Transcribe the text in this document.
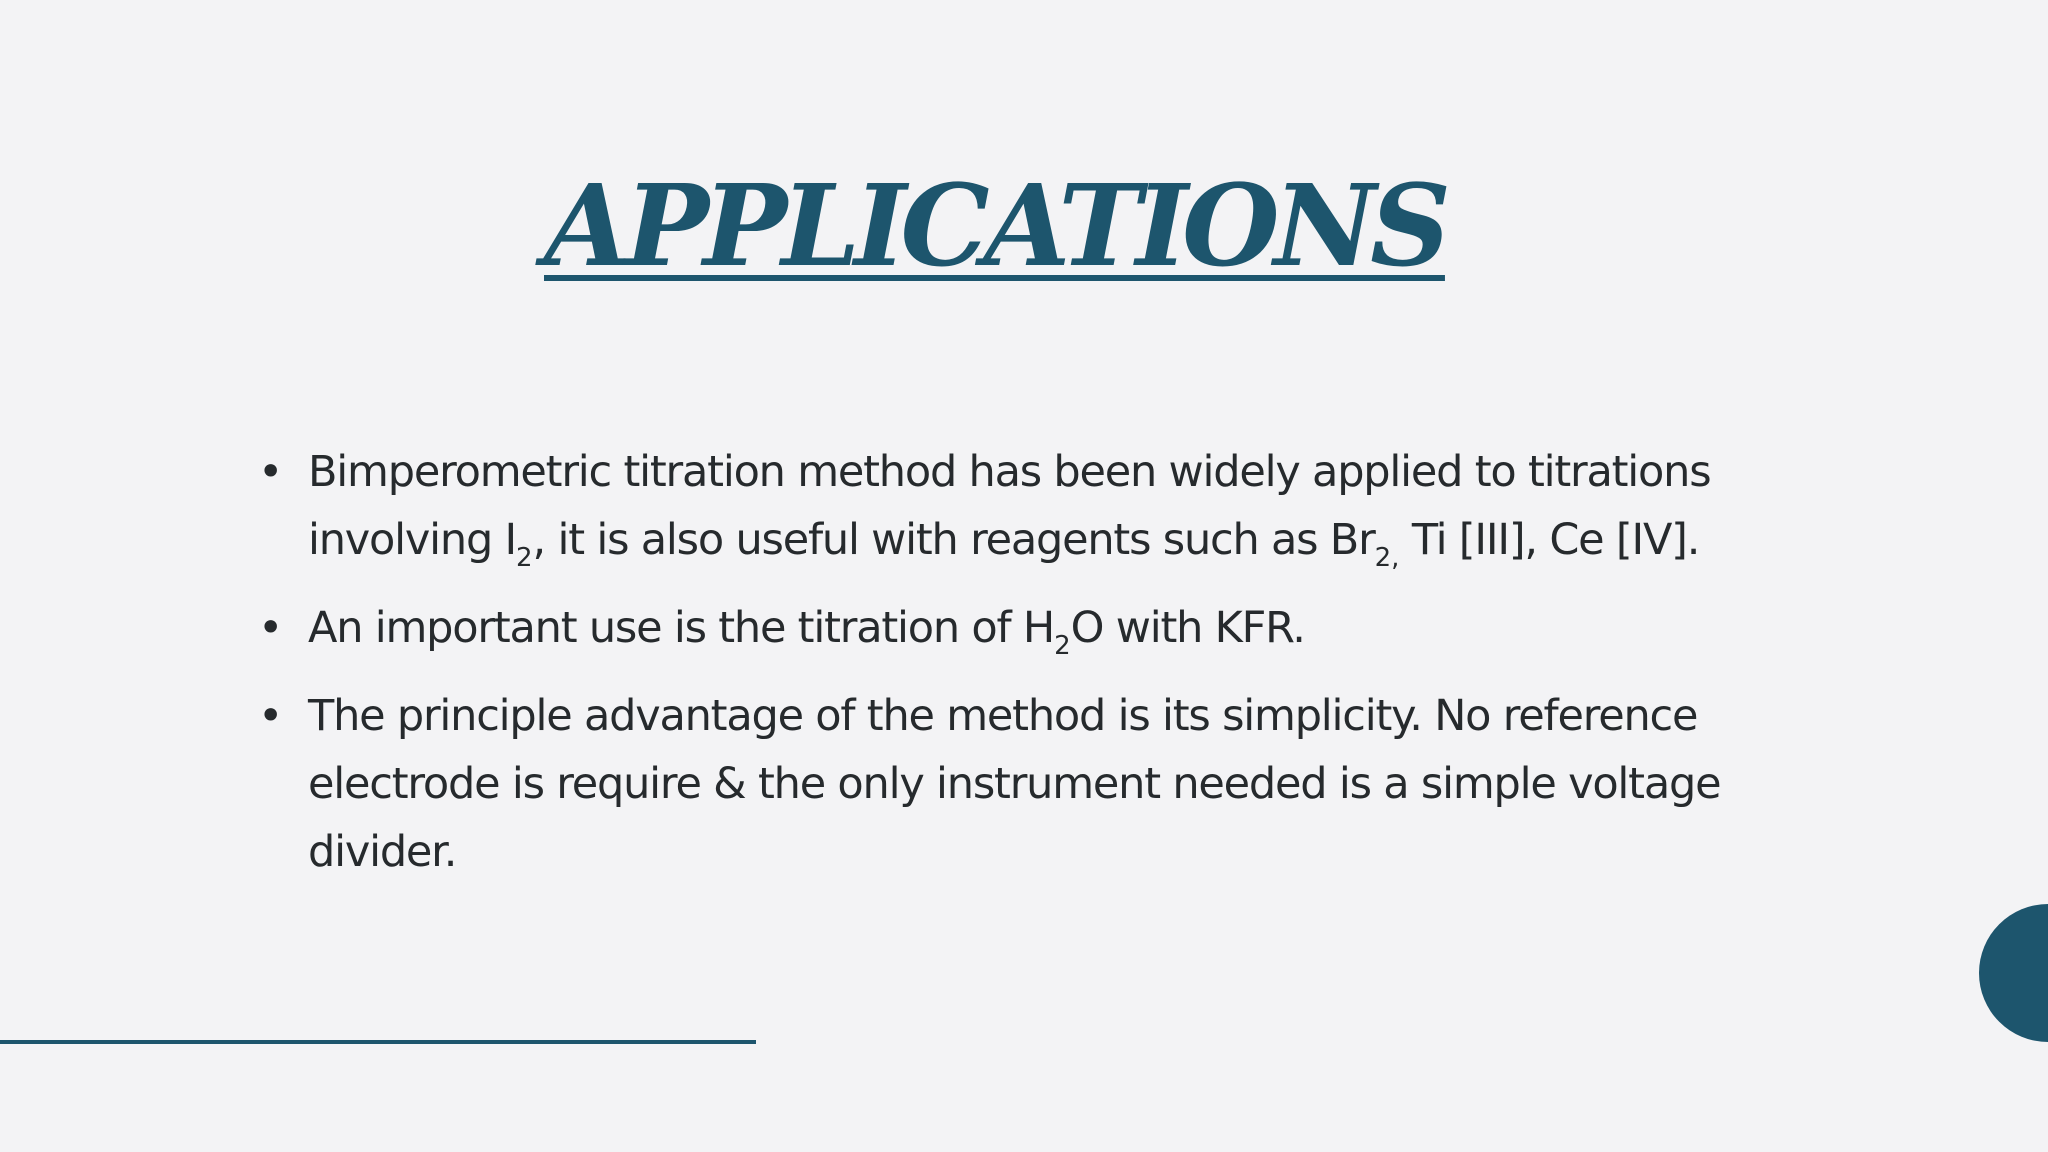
APPLICATIONS
• Bimperometric titration method has been widely applied to titrations involving $I_2$, it is also useful with reagents such as $Br_{2,}$ Ti [III], Ce [IV].
• An important use is the titration of $H_2O$ with KFR.
• The principle advantage of the method is its simplicity. No reference electrode is require & the only instrument needed is a simple voltage divider.
